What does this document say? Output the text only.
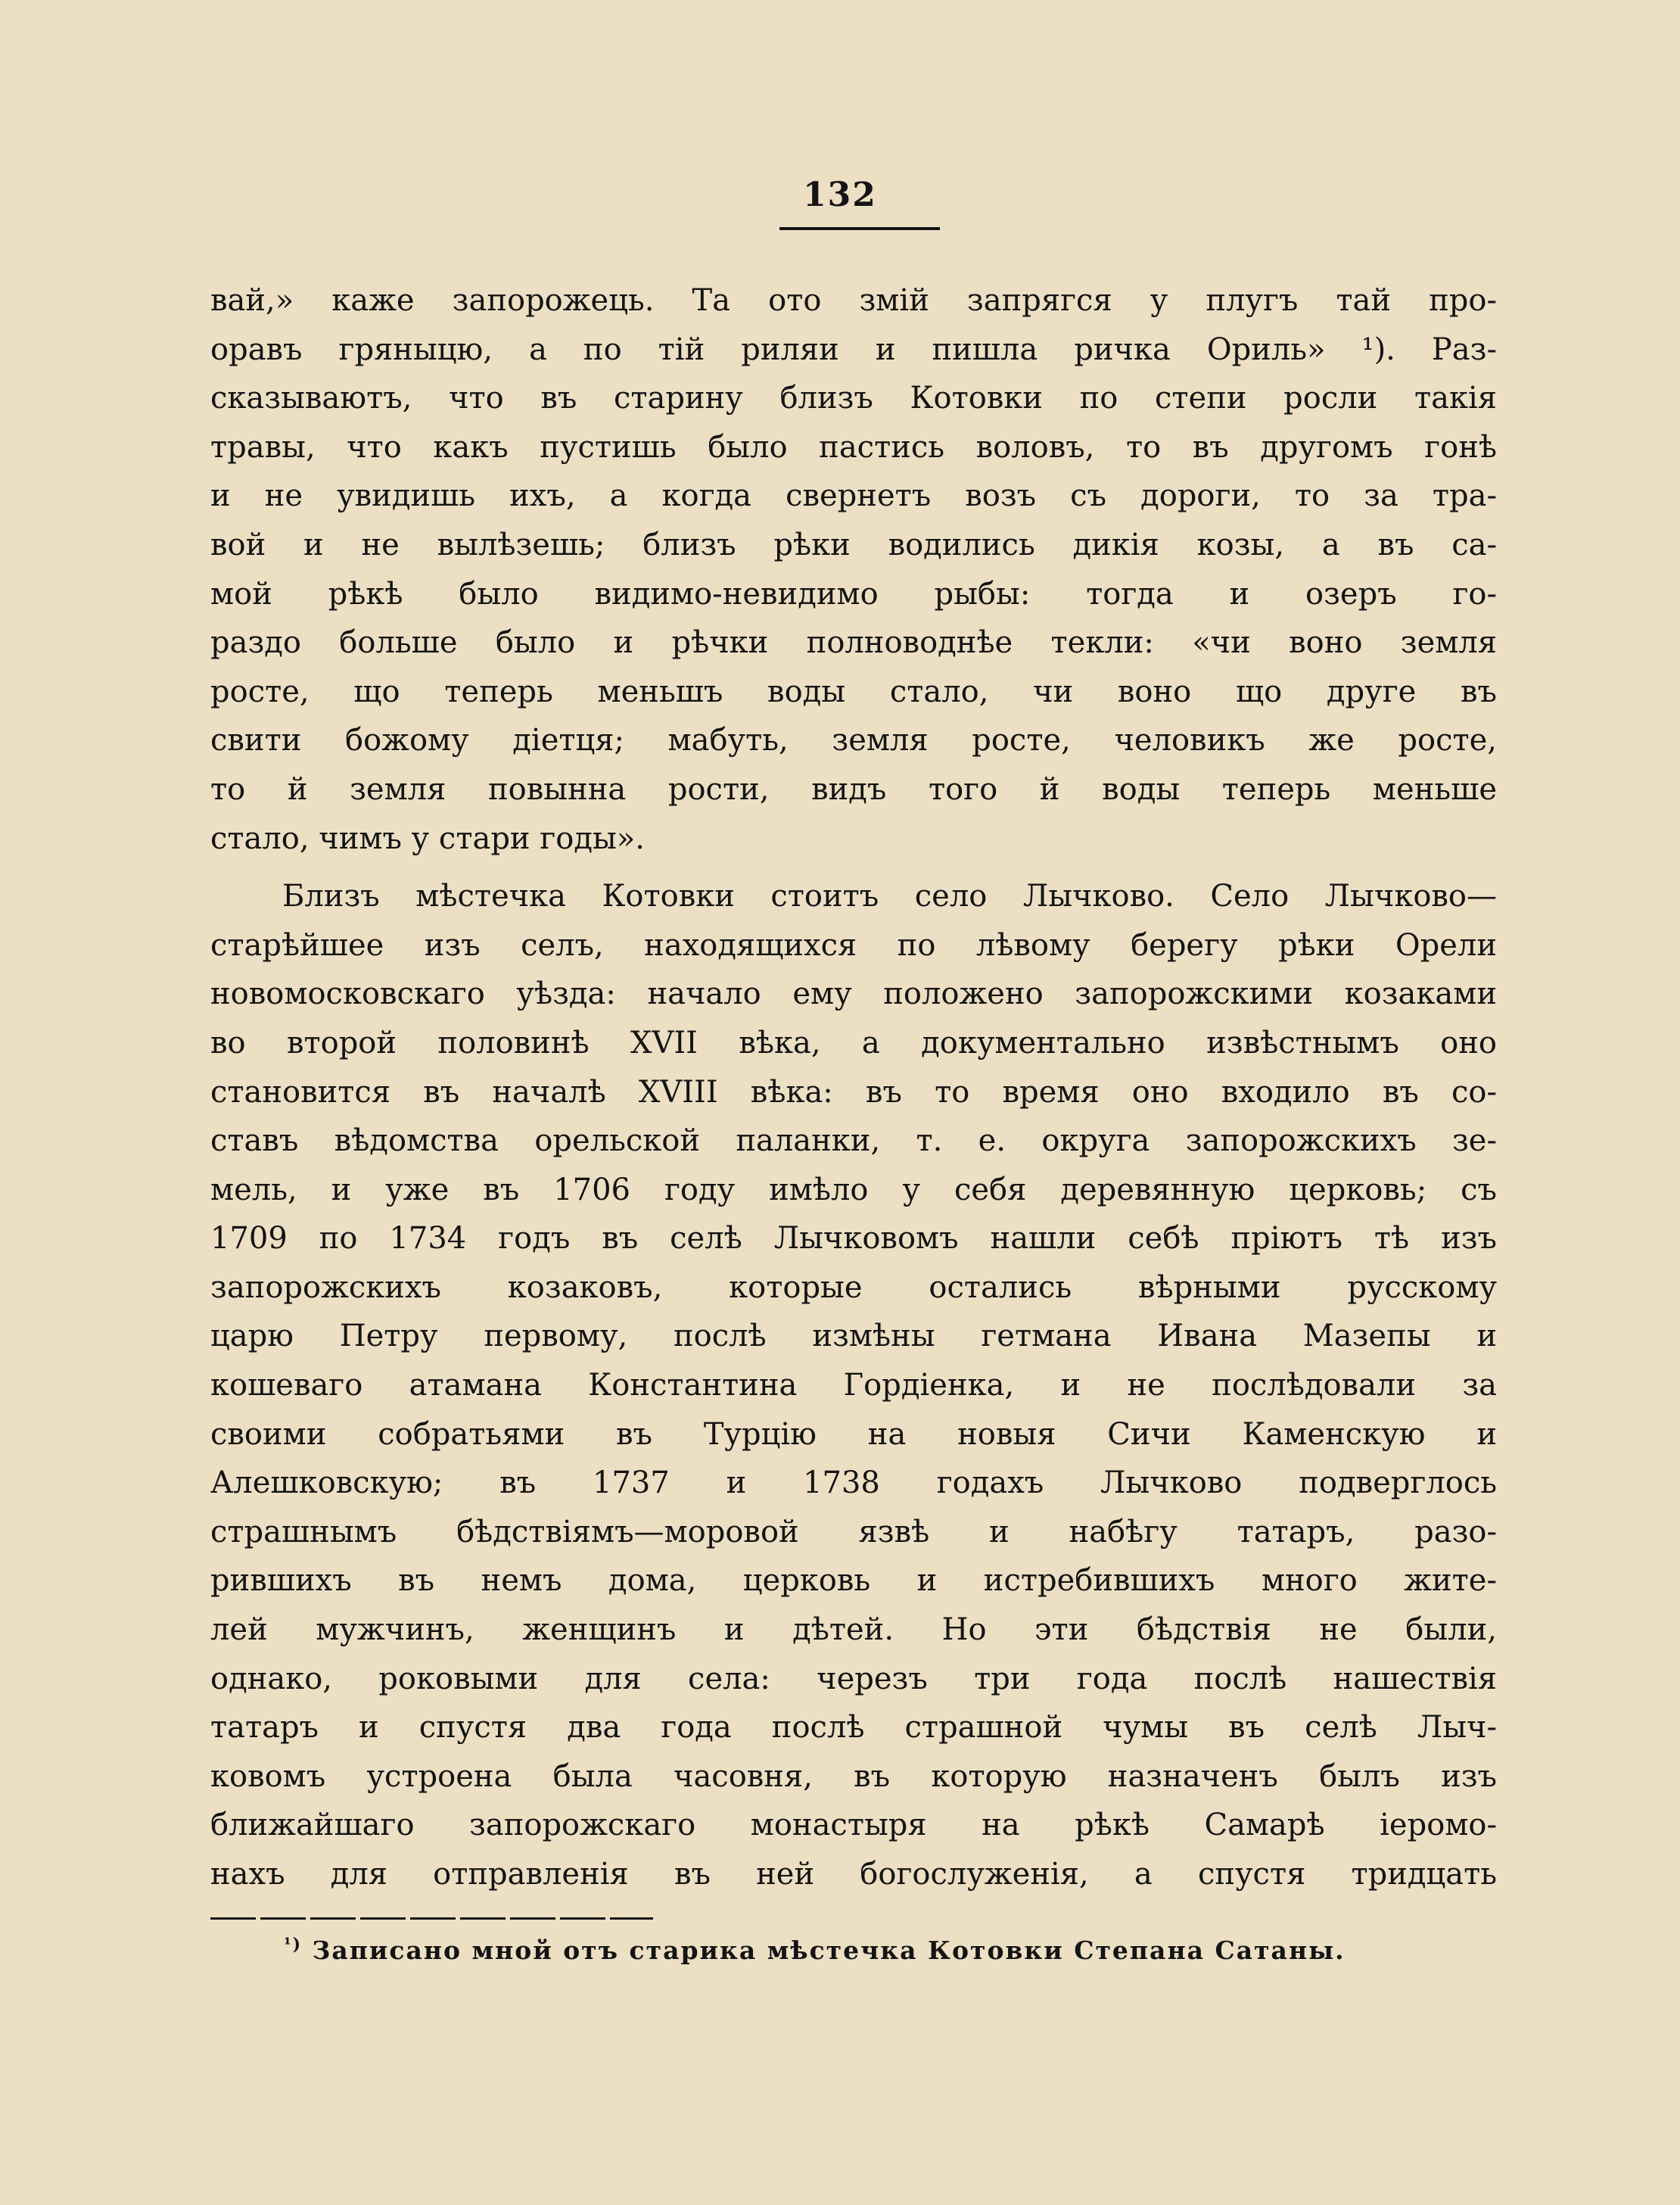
132
вай,» каже запорожець. Та ото змій запрягся у плугъ тай про-
оравъ гряныцю, а по тій риляи и пишла ричка Ориль» ¹). Раз-
сказываютъ, что въ старину близъ Котовки по степи росли такія
травы, что какъ пустишь было пастись воловъ, то въ другомъ гонѣ
и не увидишь ихъ, а когда свернетъ возъ съ дороги, то за тра-
вой и не вылѣзешь; близъ рѣки водились дикія козы, а въ са-
мой рѣкѣ было видимо-невидимо рыбы: тогда и озеръ го-
раздо больше было и рѣчки полноводнѣе текли: «чи воно земля
росте, що теперь меньшъ воды стало, чи воно що друге въ
свити божому діетця; мабуть, земля росте, человикъ же росте,
то й земля повынна рости, видъ того й воды теперь меньше
стало, чимъ у стари годы».
Близъ мѣстечка Котовки стоитъ село Лычково. Село Лычково—
старѣйшее изъ селъ, находящихся по лѣвому берегу рѣки Орели
новомосковскаго уѣзда: начало ему положено запорожскими козаками
во второй половинѣ XVII вѣка, а документально извѣстнымъ оно
становится въ началѣ XVIII вѣка: въ то время оно входило въ со-
ставъ вѣдомства орельской паланки, т. е. округа запорожскихъ зе-
мель, и уже въ 1706 году имѣло у себя деревянную церковь; съ
1709 по 1734 годъ въ селѣ Лычковомъ нашли себѣ пріютъ тѣ изъ
запорожскихъ козаковъ, которые остались вѣрными русскому
царю Петру первому, послѣ измѣны гетмана Ивана Мазепы и
кошеваго атамана Константина Гордіенка, и не послѣдовали за
своими собратьями въ Турцію на новыя Сичи Каменскую и
Алешковскую; въ 1737 и 1738 годахъ Лычково подверглось
страшнымъ бѣдствіямъ—моровой язвѣ и набѣгу татаръ, разо-
рившихъ въ немъ дома, церковь и истребившихъ много жите-
лей мужчинъ, женщинъ и дѣтей. Но эти бѣдствія не были,
однако, роковыми для села: черезъ три года послѣ нашествія
татаръ и спустя два года послѣ страшной чумы въ селѣ Лыч-
ковомъ устроена была часовня, въ которую назначенъ былъ изъ
ближайшаго запорожскаго монастыря на рѣкѣ Самарѣ іеромо-
нахъ для отправленія въ ней богослуженія, а спустя тридцать
$^{^1)}$ Записано мной отъ старика мѣстечка Котовки Степана Сатаны.
